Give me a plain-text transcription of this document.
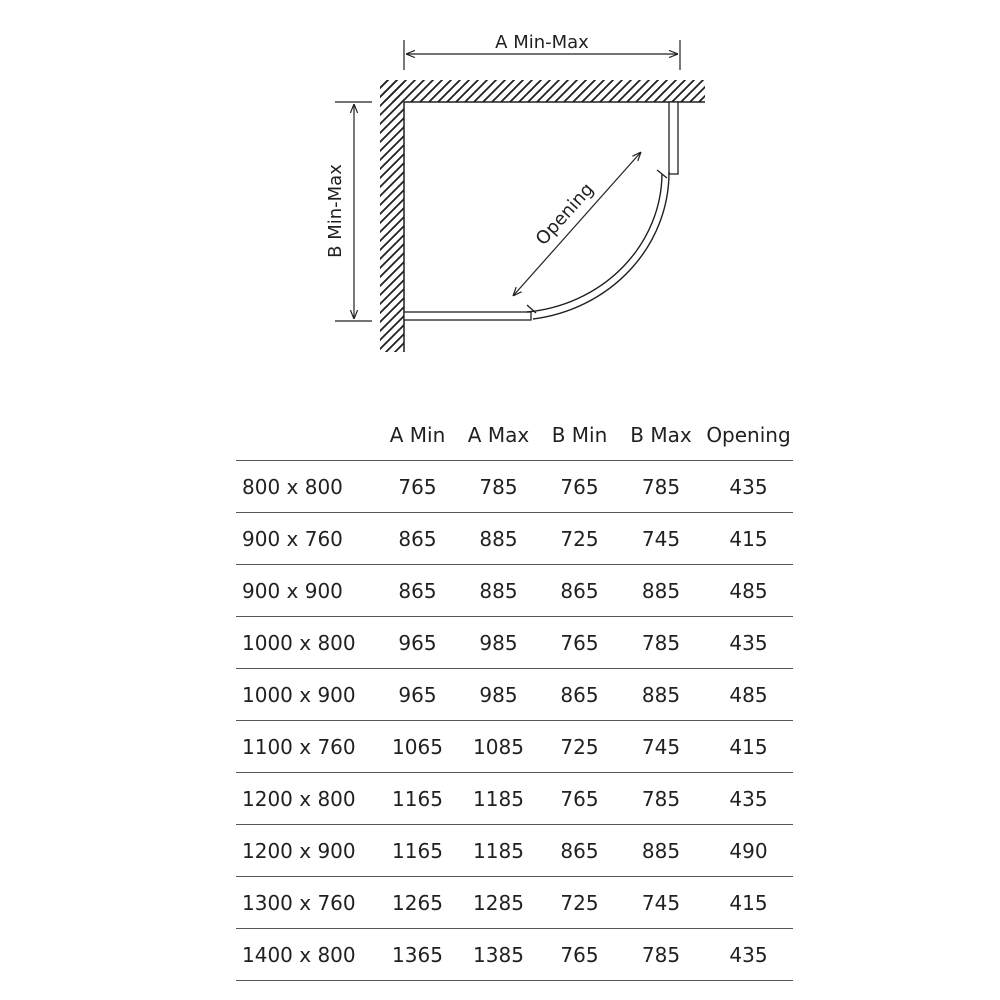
A Min-Max
B Min-Max	Opening
	A Min	A Max	B Min	B Max	Opening
800 x 800	765	785	765	785	435
900 x 760	865	885	725	745	415
900 x 900	865	885	865	885	485
1000 x 800	965	985	765	785	435
1000 x 900	965	985	865	885	485
1100 x 760	1065	1085	725	745	415
1200 x 800	1165	1185	765	785	435
1200 x 900	1165	1185	865	885	490
1300 x 760	1265	1285	725	745	415
1400 x 800	1365	1385	765	785	435
